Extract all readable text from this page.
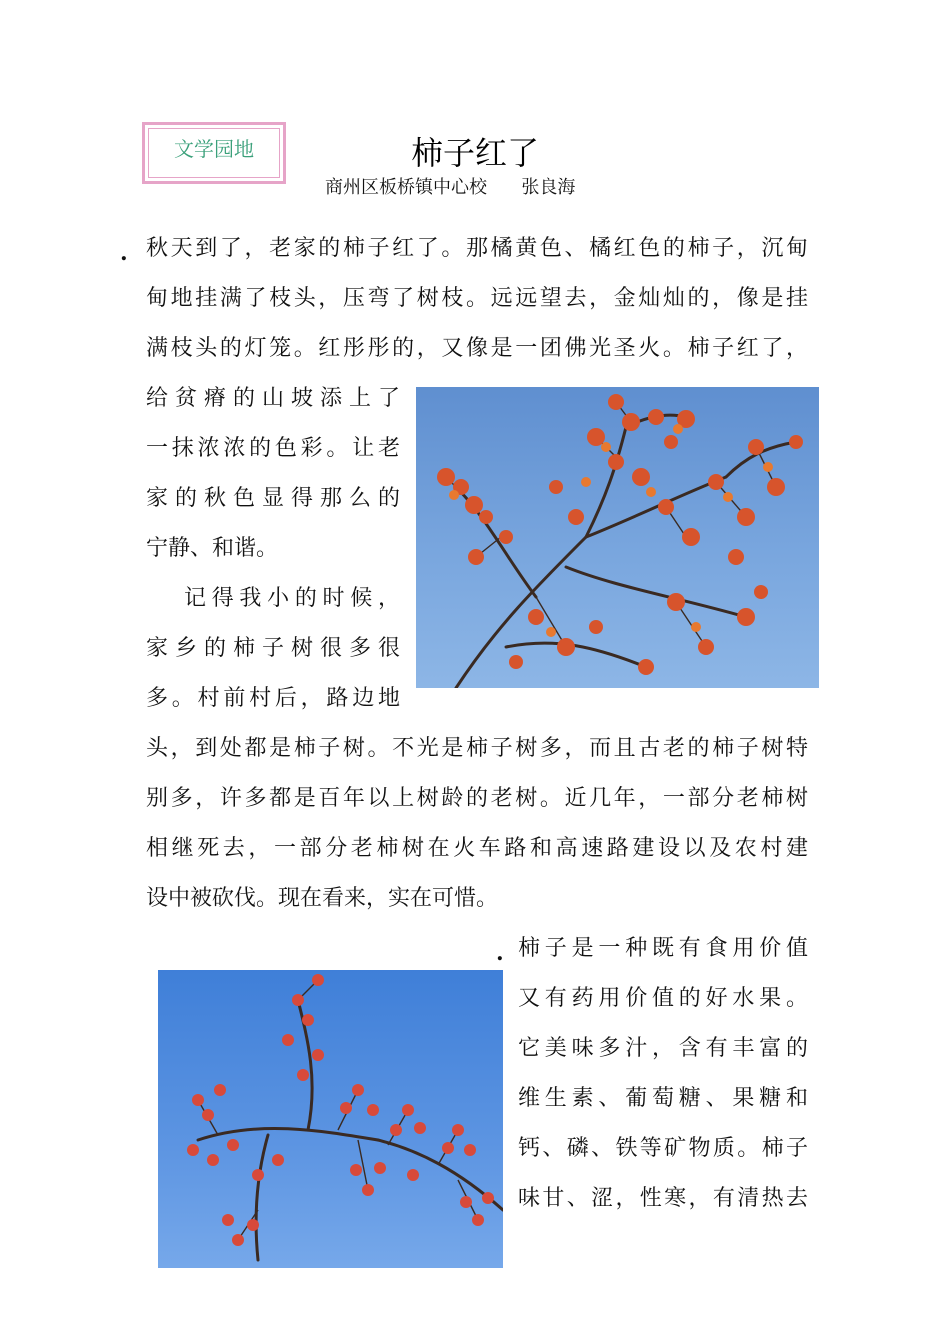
文学园地	柿子红了
商州区板桥镇中心校      张良海
. 秋天到了，老家的柿子红了。那橘黄色、橘红色的柿子，沉甸
甸地挂满了枝头，压弯了树枝。远远望去，金灿灿的，像是挂
满枝头的灯笼。红彤彤的，又像是一团佛光圣火。柿子红了，
给贫瘠的山坡添上了
一抹浓浓的色彩。让老
家的秋色显得那么的
宁静、和谐。
记得我小的时候，
家乡的柿子树很多很
多。村前村后，路边地
头，到处都是柿子树。不光是柿子树多，而且古老的柿子树特
别多，许多都是百年以上树龄的老树。近几年，一部分老柿树
相继死去，一部分老柿树在火车路和高速路建设以及农村建
设中被砍伐。现在看来，实在可惜。
. 柿子是一种既有食用价值
又有药用价值的好水果。
它美味多汁，含有丰富的
维生素、葡萄糖、果糖和
钙、磷、铁等矿物质。柿子
味甘、涩，性寒，有清热去
